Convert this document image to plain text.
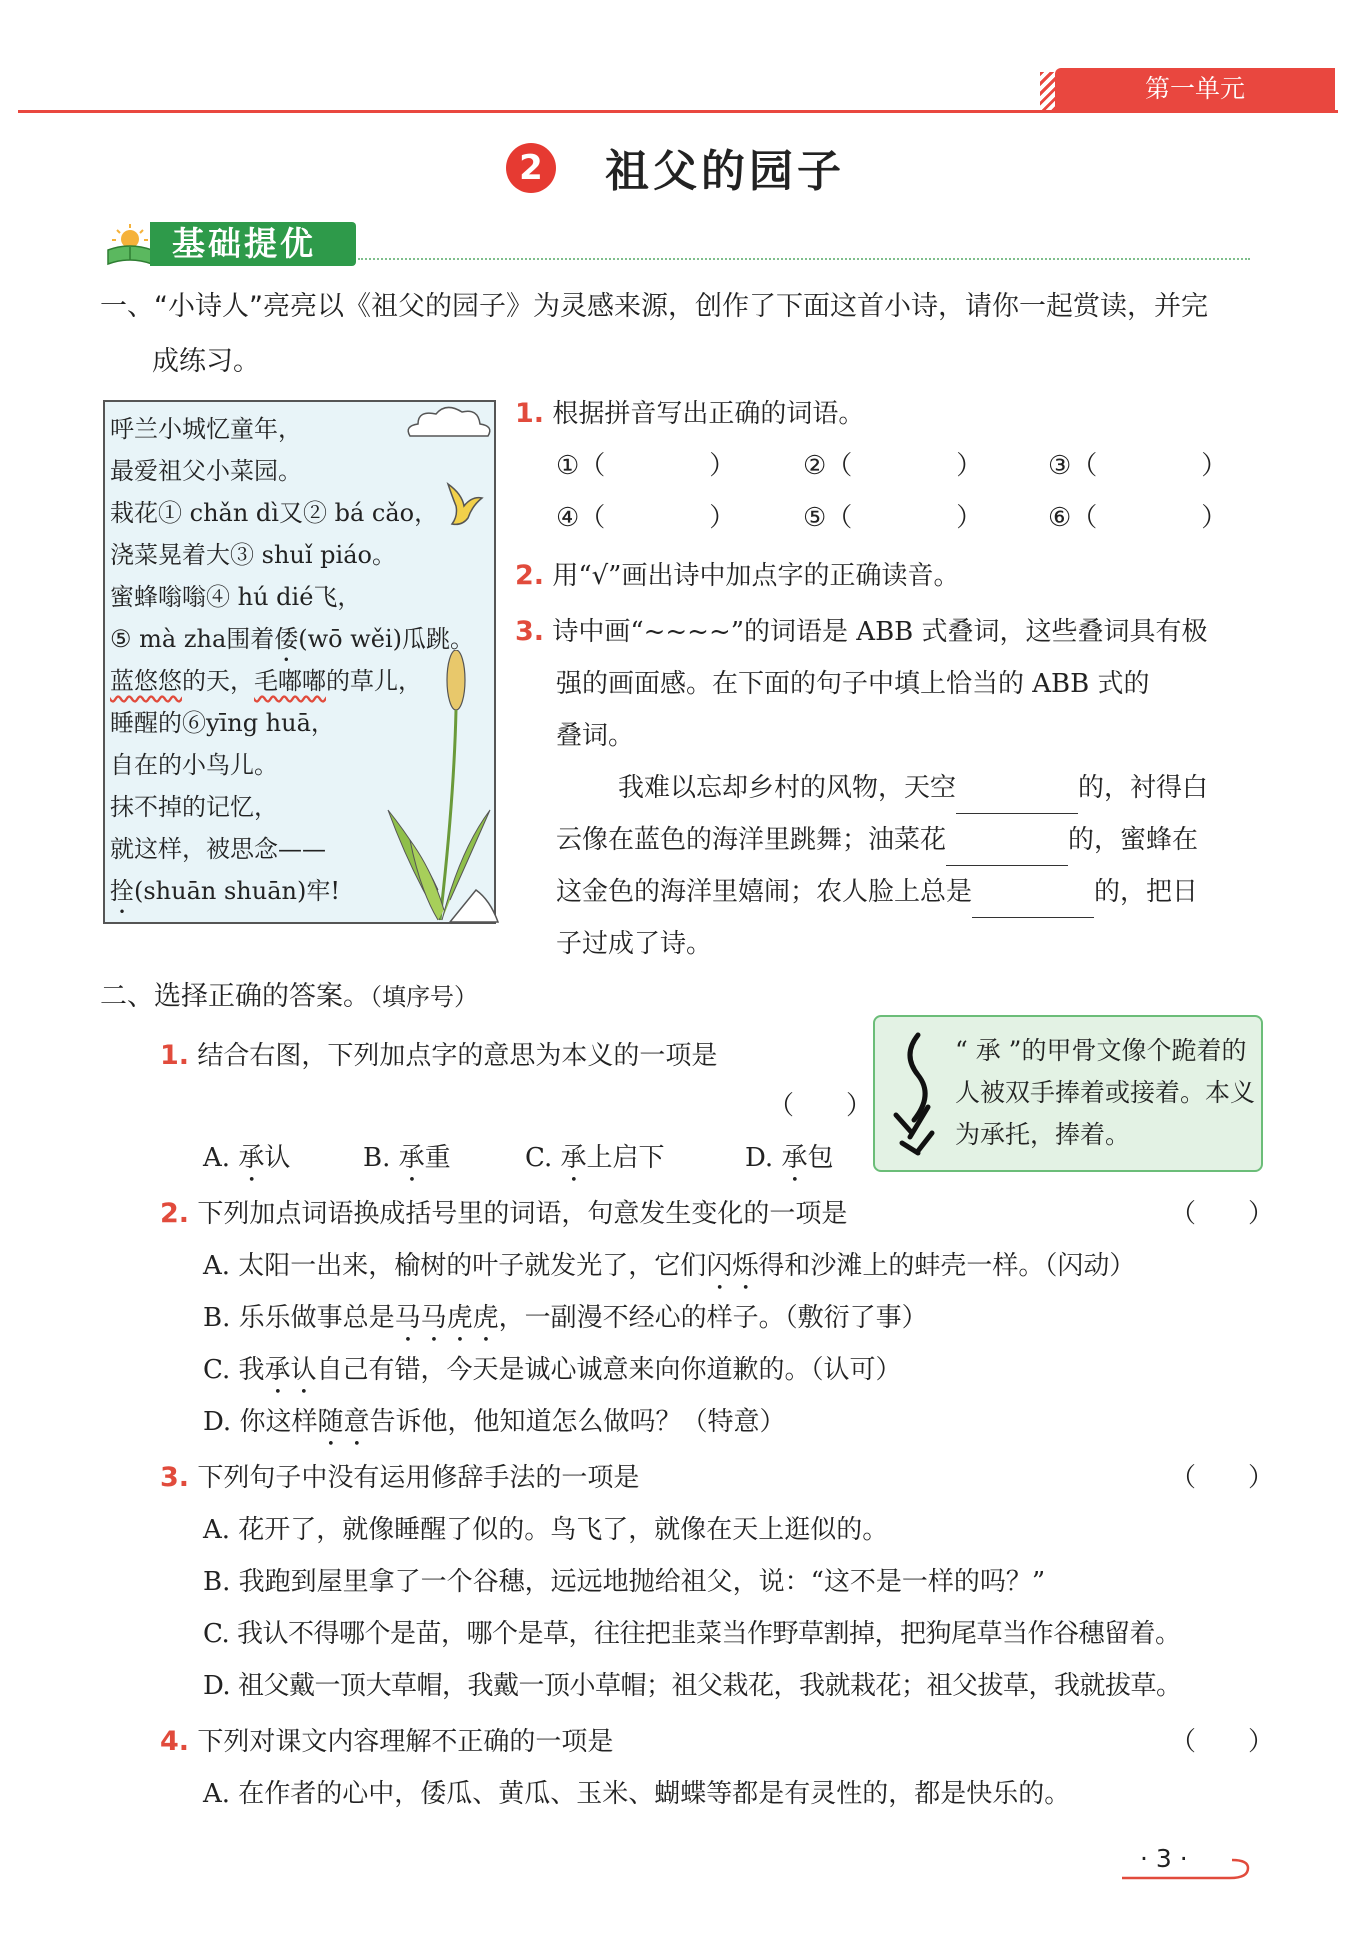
第一单元
2 祖父的园子
基础提优
一、“小诗人”亮亮以《祖父的园子》为灵感来源，创作了下面这首小诗，请你一起赏读，并完
成练习。
呼兰小城忆童年，
最爱祖父小菜园。
栽花① chǎn dì又② bá cǎo，
浇菜晃着大③ shuǐ piáo。
蜜蜂嗡嗡④ hú dié飞，
⑤ mà zha围着倭(wō wěi)瓜跳。
蓝悠悠的天，毛嘟嘟的草儿，
睡醒的⑥yīng huā，
自在的小鸟儿。
抹不掉的记忆，
就这样，被思念——
拴(shuān shuān)牢!
1. 根据拼音写出正确的词语。
①（　　　　）	②（　　　　）	③（　　　　）
④（　　　　）	⑤（　　　　）	⑥（　　　　）
2. 用“√”画出诗中加点字的正确读音。
3. 诗中画“~~~~”的词语是 ABB 式叠词，这些叠词具有极
强的画面感。在下面的句子中填上恰当的 ABB 式的
叠词。
我难以忘却乡村的风物，天空	的，衬得白
云像在蓝色的海洋里跳舞；油菜花	的，蜜蜂在
这金色的海洋里嬉闹；农人脸上总是	的，把日
子过成了诗。
二、选择正确的答案。（填序号）
1. 结合右图，下列加点字的意思为本义的一项是
（　　）
A. 承认	B. 承重	C. 承上启下	D. 承包
“ 承 ”的甲骨文像个跪着的人被双手捧着或接着。本义为承托，捧着。
2. 下列加点词语换成括号里的词语，句意发生变化的一项是	（　　）
A. 太阳一出来，榆树的叶子就发光了，它们闪烁得和沙滩上的蚌壳一样。（闪动）
B. 乐乐做事总是马马虎虎，一副漫不经心的样子。（敷衍了事）
C. 我承认自己有错，今天是诚心诚意来向你道歉的。（认可）
D. 你这样随意告诉他，他知道怎么做吗？（特意）
3. 下列句子中没有运用修辞手法的一项是	（　　）
A. 花开了，就像睡醒了似的。鸟飞了，就像在天上逛似的。
B. 我跑到屋里拿了一个谷穗，远远地抛给祖父，说：“这不是一样的吗？”
C. 我认不得哪个是苗，哪个是草，往往把韭菜当作野草割掉，把狗尾草当作谷穗留着。
D. 祖父戴一顶大草帽，我戴一顶小草帽；祖父栽花，我就栽花；祖父拔草，我就拔草。
4. 下列对课文内容理解不正确的一项是	（　　）
A. 在作者的心中，倭瓜、黄瓜、玉米、蝴蝶等都是有灵性的，都是快乐的。
· 3 ·
